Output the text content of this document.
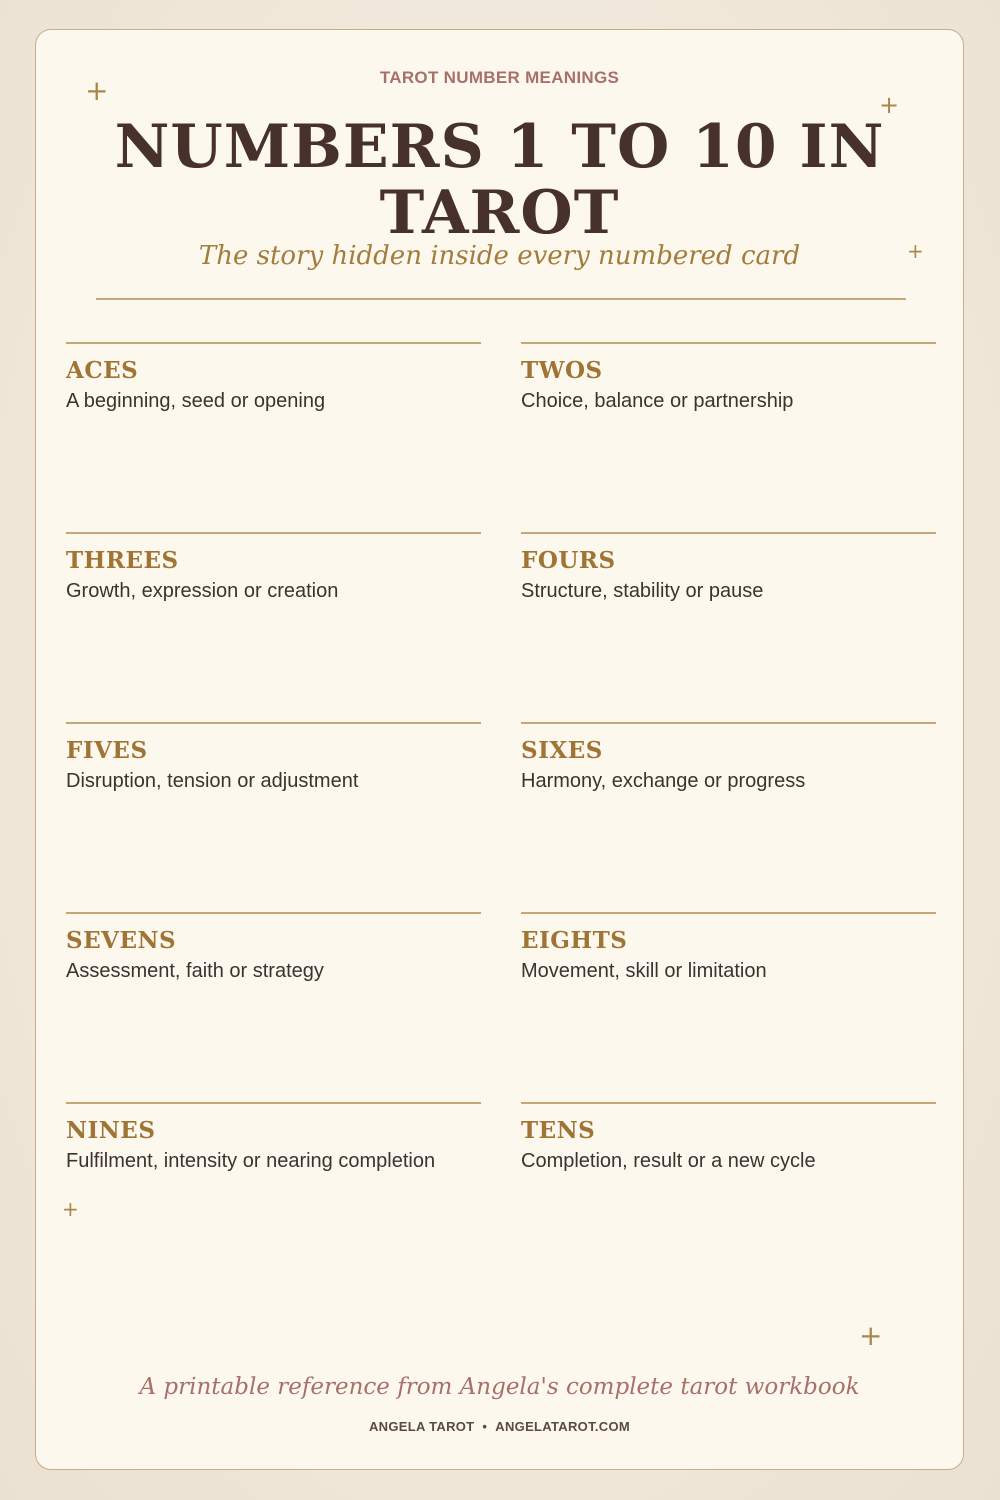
+	+
+
+
+
TAROT NUMBER MEANINGS
NUMBERS 1 TO 10 IN TAROT
The story hidden inside every numbered card
ACES
A beginning, seed or opening
TWOS
Choice, balance or partnership
THREES
Growth, expression or creation
FOURS
Structure, stability or pause
FIVES
Disruption, tension or adjustment
SIXES
Harmony, exchange or progress
SEVENS
Assessment, faith or strategy
EIGHTS
Movement, skill or limitation
NINES
Fulfilment, intensity or nearing completion
TENS
Completion, result or a new cycle
A printable reference from Angela's complete tarot workbook
ANGELA TAROT • ANGELATAROT.COM
